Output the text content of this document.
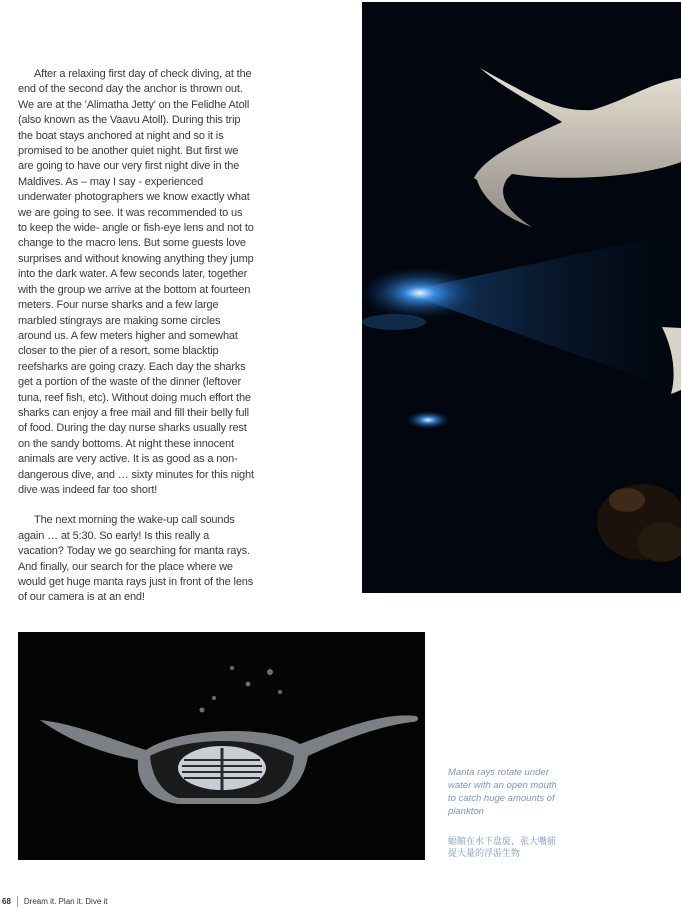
After a relaxing first day of check diving, at the end of the second day the anchor is thrown out. We are at the 'Alimatha Jetty' on the Felidhe Atoll (also known as the Vaavu Atoll). During this trip the boat stays anchored at night and so it is promised to be another quiet night. But first we are going to have our very first night dive in the Maldives. As – may I say - experienced underwater photographers we know exactly what we are going to see. It was recommended to us to keep the wide- angle or fish-eye lens and not to change to the macro lens. But some guests love surprises and without knowing anything they jump into the dark water. A few seconds later, together with the group we arrive at the bottom at fourteen meters. Four nurse sharks and a few large marbled stingrays are making some circles around us. A few meters higher and somewhat closer to the pier of a resort, some blacktip reefsharks are going crazy. Each day the sharks get a portion of the waste of the dinner (leftover tuna, reef fish, etc). Without doing much effort the sharks can enjoy a free mail and fill their belly full of food. During the day nurse sharks usually rest on the sandy bottoms. At night these innocent animals are very active. It is as good as a non-dangerous dive, and … sixty minutes for this night dive was indeed far too short!

The next morning the wake-up call sounds again … at 5:30. So early! Is this really a vacation? Today we go searching for manta rays. And finally, our search for the place where we would get huge manta rays just in front of the lens of our camera is at an end!

Manta rays rotate under water with an open mouth to catch huge amounts of plankton
蝠鲼在水下盘旋，张大嘴捕捉大量的浮游生物
68	Dream it. Plan it. Dive it
